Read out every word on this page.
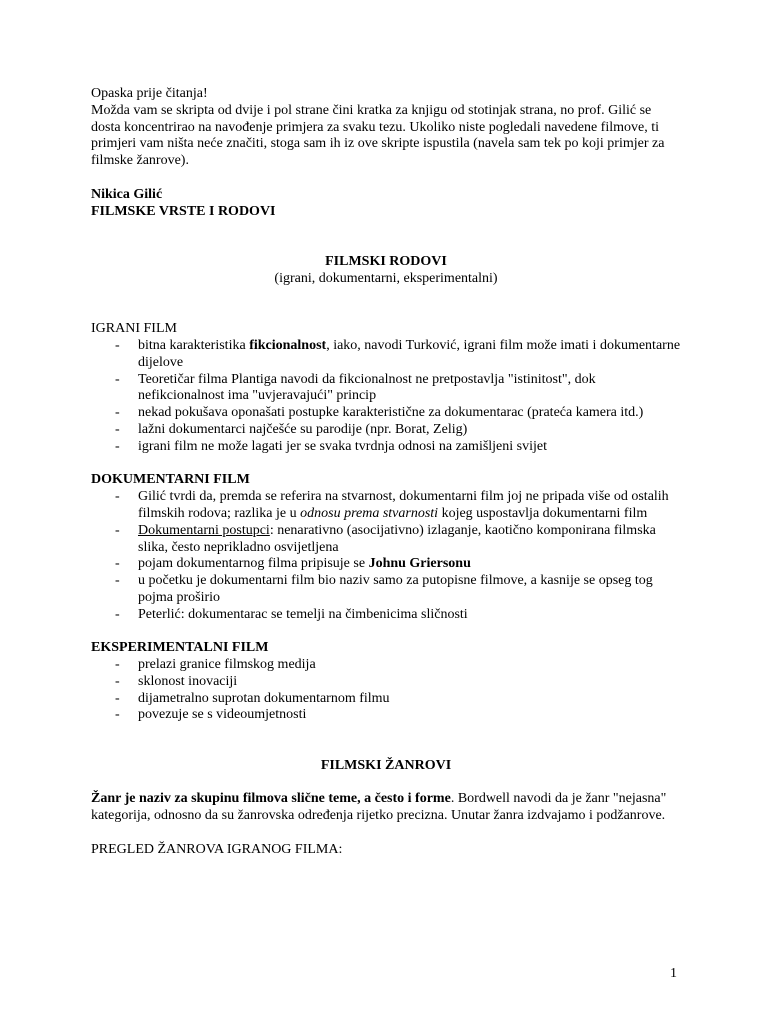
Opaska prije čitanja!

Možda vam se skripta od dvije i pol strane čini kratka za knjigu od stotinjak strana, no prof. Gilić se dosta koncentrirao na navođenje primjera za svaku tezu. Ukoliko niste pogledali navedene filmove, ti primjeri vam ništa neće značiti, stoga sam ih iz ove skripte ispustila (navela sam tek po koji primjer za filmske žanrove).

Nikica Gilić

FILMSKE VRSTE I RODOVI

FILMSKI RODOVI

(igrani, dokumentarni, eksperimentalni)

IGRANI FILM

- bitna karakteristika fikcionalnost, iako, navodi Turković, igrani film može imati i dokumentarne dijelove
- Teoretičar filma Plantiga navodi da fikcionalnost ne pretpostavlja "istinitost", dok nefikcionalnost ima "uvjeravajući" princip
- nekad pokušava oponašati postupke karakteristične za dokumentarac (prateća kamera itd.)
- lažni dokumentarci najčešće su parodije (npr. Borat, Zelig)
- igrani film ne može lagati jer se svaka tvrdnja odnosi na zamišljeni svijet

DOKUMENTARNI FILM

- Gilić tvrdi da, premda se referira na stvarnost, dokumentarni film joj ne pripada više od ostalih filmskih rodova; razlika je u odnosu prema stvarnosti kojeg uspostavlja dokumentarni film
- Dokumentarni postupci: nenarativno (asocijativno) izlaganje, kaotično komponirana filmska slika, često neprikladno osvijetljena
- pojam dokumentarnog filma pripisuje se Johnu Griersonu
- u početku je dokumentarni film bio naziv samo za putopisne filmove, a kasnije se opseg tog pojma proširio
- Peterlić: dokumentarac se temelji na čimbenicima sličnosti

EKSPERIMENTALNI FILM

- prelazi granice filmskog medija
- sklonost inovaciji
- dijametralno suprotan dokumentarnom filmu
- povezuje se s videoumjetnosti

FILMSKI ŽANROVI

Žanr je naziv za skupinu filmova slične teme, a često i forme. Bordwell navodi da je žanr "nejasna" kategorija, odnosno da su žanrovska određenja rijetko precizna. Unutar žanra izdvajamo i podžanrove.

PREGLED ŽANROVA IGRANOG FILMA:

1
